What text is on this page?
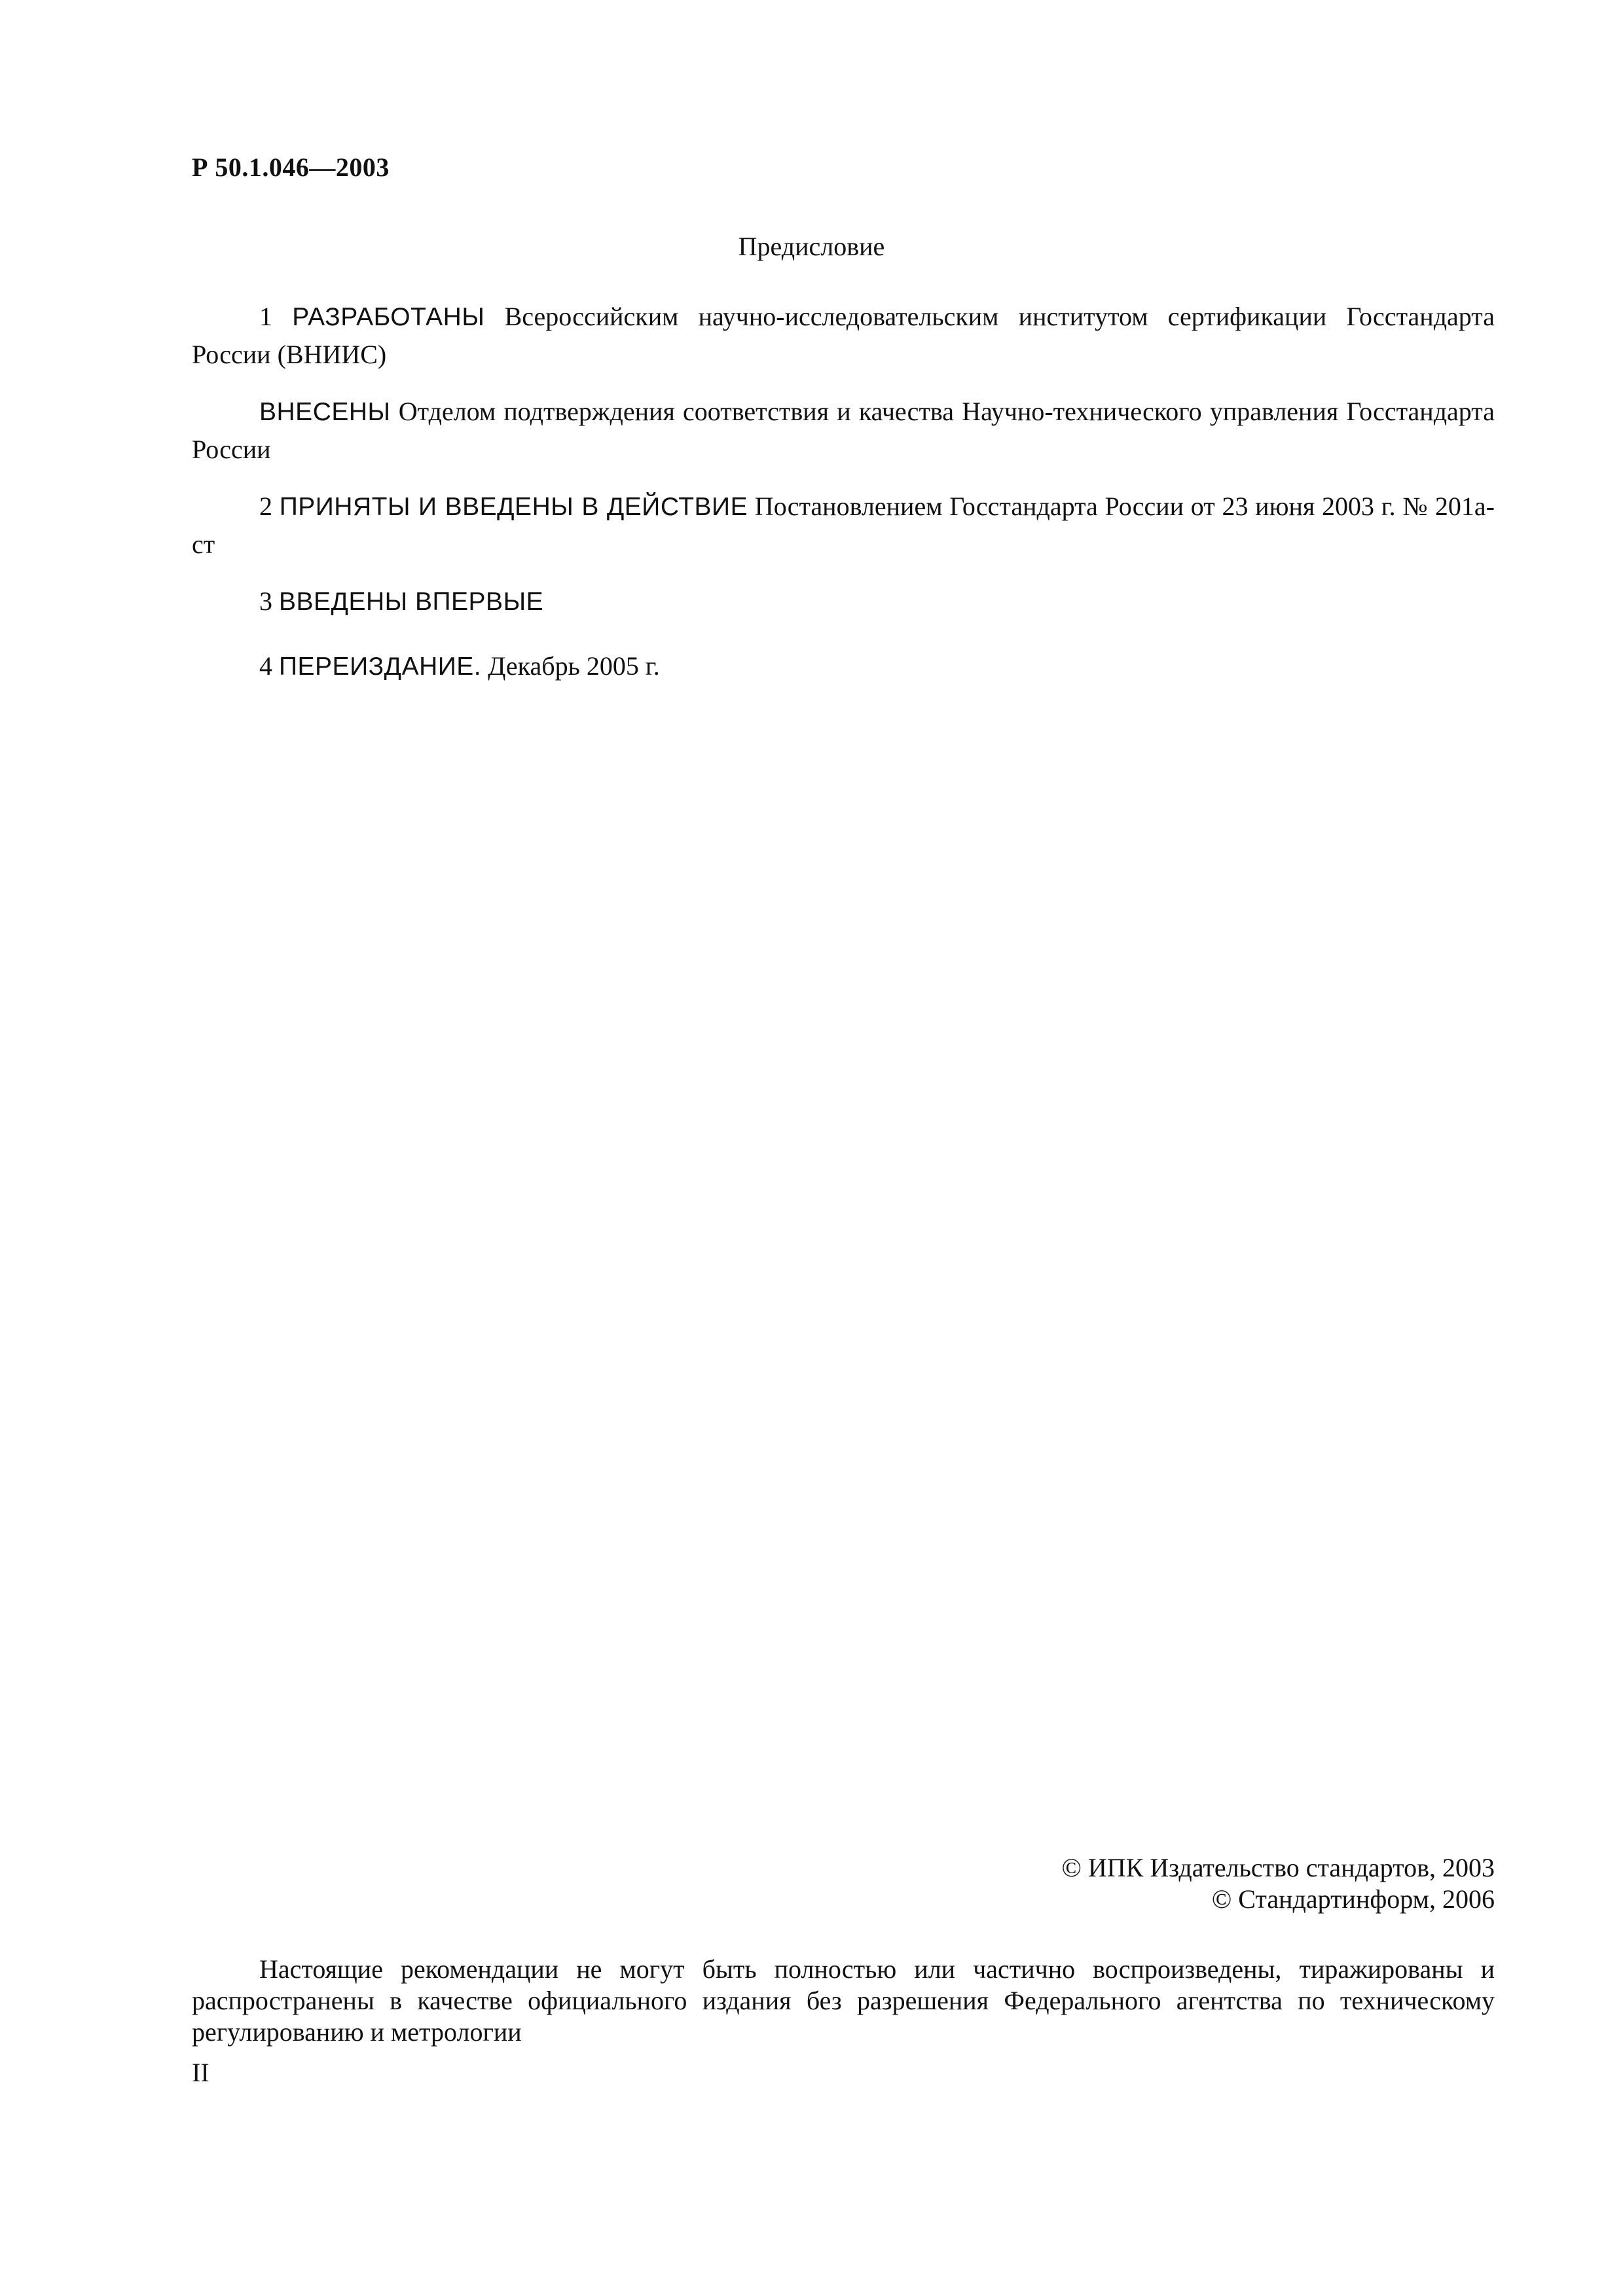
Р 50.1.046—2003
Предисловие
1 РАЗРАБОТАНЫ Всероссийским научно-исследовательским институтом сертификации Госстандарта России (ВНИИС)
ВНЕСЕНЫ Отделом подтверждения соответствия и качества Научно-технического управления Госстандарта России
2 ПРИНЯТЫ И ВВЕДЕНЫ В ДЕЙСТВИЕ Постановлением Госстандарта России от 23 июня 2003 г. № 201а-ст
3 ВВЕДЕНЫ ВПЕРВЫЕ
4 ПЕРЕИЗДАНИЕ. Декабрь 2005 г.
© ИПК Издательство стандартов, 2003
© Стандартинформ, 2006
Настоящие рекомендации не могут быть полностью или частично воспроизведены, тиражированы и распространены в качестве официального издания без разрешения Федерального агентства по техническому регулированию и метрологии
II
